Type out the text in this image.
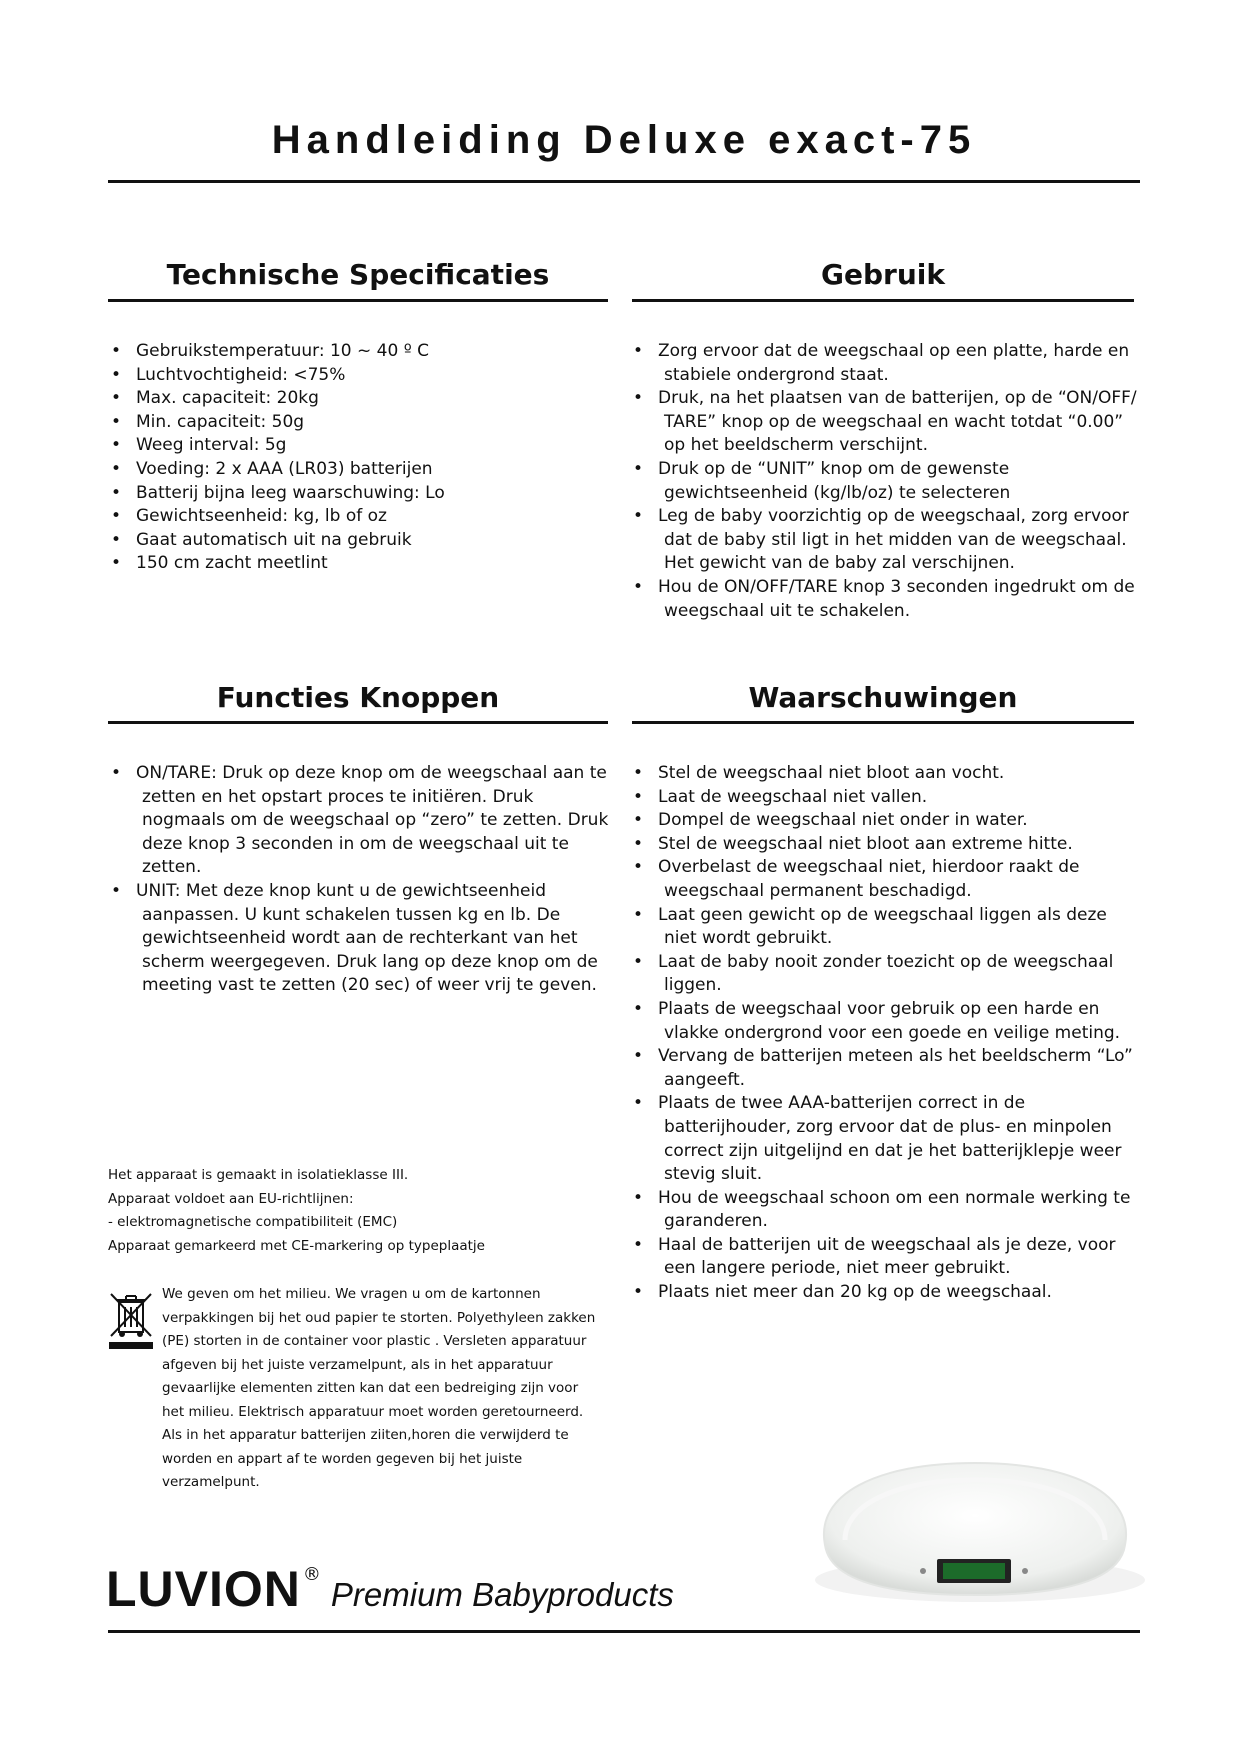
Handleiding Deluxe exact-75
Technische Specificaties
• Gebruikstemperatuur: 10 ~ 40 º C
• Luchtvochtigheid: <75%
• Max. capaciteit: 20kg
• Min. capaciteit: 50g
• Weeg interval: 5g
• Voeding: 2 x AAA (LR03) batterijen
• Batterij bijna leeg waarschuwing: Lo
• Gewichtseenheid: kg, lb of oz
• Gaat automatisch uit na gebruik
• 150 cm zacht meetlint
Gebruik
• Zorg ervoor dat de weegschaal op een platte, harde en stabiele ondergrond staat.
• Druk, na het plaatsen van de batterijen, op de “ON/OFF/ TARE” knop op de weegschaal en wacht totdat “0.00” op het beeldscherm verschijnt.
• Druk op de “UNIT” knop om de gewenste gewichtseenheid (kg/lb/oz) te selecteren
• Leg de baby voorzichtig op de weegschaal, zorg ervoor dat de baby stil ligt in het midden van de weegschaal. Het gewicht van de baby zal verschijnen.
• Hou de ON/OFF/TARE knop 3 seconden ingedrukt om de weegschaal uit te schakelen.
Functies Knoppen
• ON/TARE: Druk op deze knop om de weegschaal aan te zetten en het opstart proces te initiëren. Druk nogmaals om de weegschaal op “zero” te zetten. Druk deze knop 3 seconden in om de weegschaal uit te zetten.
• UNIT: Met deze knop kunt u de gewichtseenheid aanpassen. U kunt schakelen tussen kg en lb. De gewichtseenheid wordt aan de rechterkant van het scherm weergegeven. Druk lang op deze knop om de meeting vast te zetten (20 sec) of weer vrij te geven.
Waarschuwingen
• Stel de weegschaal niet bloot aan vocht.
• Laat de weegschaal niet vallen.
• Dompel de weegschaal niet onder in water.
• Stel de weegschaal niet bloot aan extreme hitte.
• Overbelast de weegschaal niet, hierdoor raakt de weegschaal permanent beschadigd.
• Laat geen gewicht op de weegschaal liggen als deze niet wordt gebruikt.
• Laat de baby nooit zonder toezicht op de weegschaal liggen.
• Plaats de weegschaal voor gebruik op een harde en vlakke ondergrond voor een goede en veilige meting.
• Vervang de batterijen meteen als het beeldscherm “Lo” aangeeft.
• Plaats de twee AAA-batterijen correct in de batterijhouder, zorg ervoor dat de plus- en minpolen correct zijn uitgelijnd en dat je het batterijklepje weer stevig sluit.
• Hou de weegschaal schoon om een normale werking te garanderen.
• Haal de batterijen uit de weegschaal als je deze, voor een langere periode, niet meer gebruikt.
• Plaats niet meer dan 20 kg op de weegschaal.
Het apparaat is gemaakt in isolatieklasse III.
Apparaat voldoet aan EU-richtlijnen:
- elektromagnetische compatibiliteit (EMC)
Apparaat gemarkeerd met CE-markering op typeplaatje
We geven om het milieu. We vragen u om de kartonnen verpakkingen bij het oud papier te storten. Polyethyleen zakken (PE) storten in de container voor plastic . Versleten apparatuur afgeven bij het juiste verzamelpunt, als in het apparatuur gevaarlijke elementen zitten kan dat een bedreiging zijn voor het milieu. Elektrisch apparatuur moet worden geretourneerd. Als in het apparatur batterijen ziiten,horen die verwijderd te worden en appart af te worden gegeven bij het juiste verzamelpunt.
LUVION ®Premium Babyproducts
